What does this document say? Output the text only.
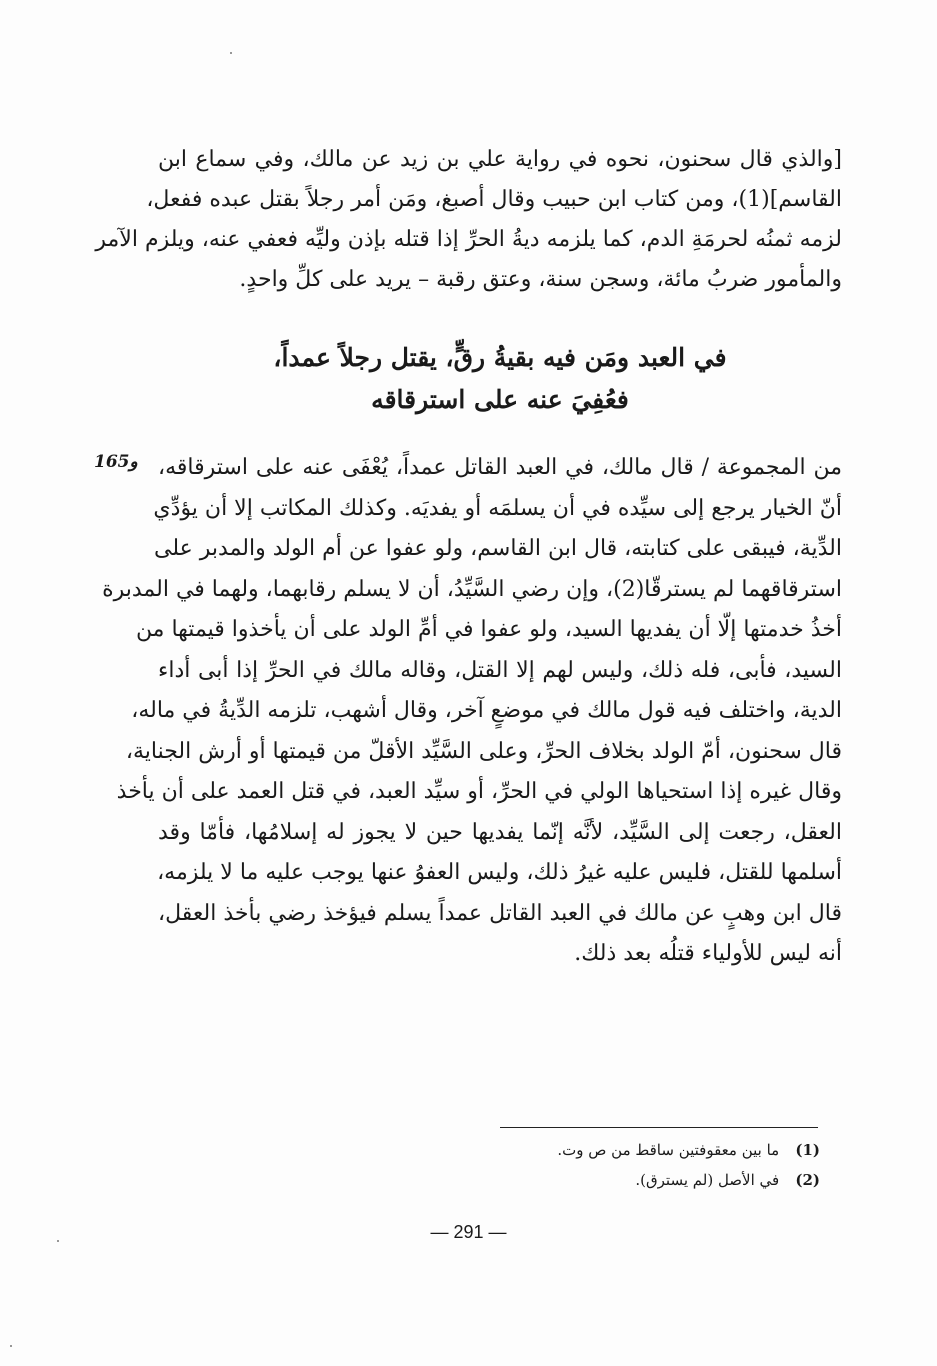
[والذي قال سحنون، نحوه في رواية علي بن زيد عن مالك، وفي سماع ابن
القاسم](1)، ومن كتاب ابن حبيب وقال أصبغ، ومَن أمر رجلاً بقتل عبده ففعل،
لزمه ثمنُه لحرمَةِ الدم، كما يلزمه ديةُ الحرِّ إذا قتله بإذن وليِّه فعفي عنه، ويلزم الآمر
والمأمور ضربُ مائة، وسجن سنة، وعتق رقبة – يريد على كلِّ واحدٍ.
في العبد ومَن فيه بقيةُ رقٍّ، يقتل رجلاً عمداً،
فعُفِيَ عنه على استرقاقه
165و من المجموعة / قال مالك، في العبد القاتل عمداً، يُعْفَى عنه على استرقاقه،
أنّ الخيار يرجع إلى سيِّده في أن يسلمَه أو يفديَه. وكذلك المكاتب إلا أن يؤدِّي
الدِّية، فيبقى على كتابته، قال ابن القاسم، ولو عفوا عن أم الولد والمدبر على
استرقاقهما لم يسترقّا(2)، وإن رضي السَّيِّدُ، أن لا يسلم رقابهما، ولهما في المدبرة
أخذُ خدمتها إلّا أن يفديها السيد، ولو عفوا في أمِّ الولد على أن يأخذوا قيمتها من
السيد، فأبى، فله ذلك، وليس لهم إلا القتل، وقاله مالك في الحرِّ إذا أبى أداء
الدية، واختلف فيه قول مالك في موضعٍ آخر، وقال أشهب، تلزمه الدِّيةُ في ماله،
قال سحنون، أمّ الولد بخلاف الحرِّ، وعلى السَّيِّد الأقلّ من قيمتها أو أرش الجناية،
وقال غيره إذا استحياها الولي في الحرِّ، أو سيِّد العبد، في قتل العمد على أن يأخذ
العقل، رجعت إلى السَّيِّد، لأنَّه إنّما يفديها حين لا يجوز له إسلامُها، فأمّا وقد
أسلمها للقتل، فليس عليه غيرُ ذلك، وليس العفوُ عنها يوجب عليه ما لا يلزمه،
قال ابن وهبٍ عن مالك في العبد القاتل عمداً يسلم فيؤخذ رضي بأخذ العقل،
أنه ليس للأولياء قتلُه بعد ذلك.
(1) ما بين معقوفتين ساقط من ص وت.
(2) في الأصل (لم يسترق).
— 291 —
